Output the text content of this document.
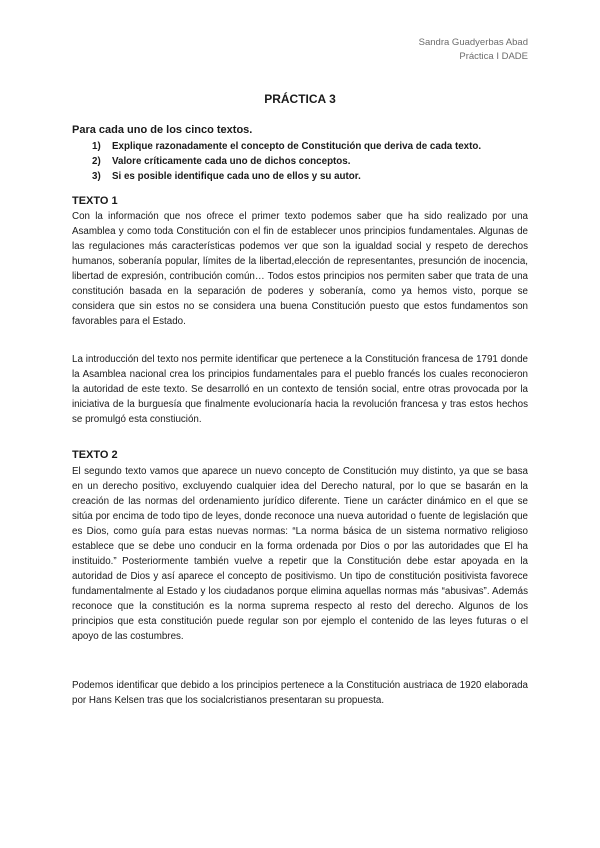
Sandra Guadyerbas Abad
Práctica I DADE
PRÁCTICA 3
Para cada uno de los cinco textos.
1) Explique razonadamente el concepto de Constitución que deriva de cada texto.
2) Valore críticamente cada uno de dichos conceptos.
3) Si es posible identifique cada uno de ellos y su autor.
TEXTO 1

Con la información que nos ofrece el primer texto podemos saber que ha sido realizado por una Asamblea y como toda Constitución con el fin de establecer unos principios fundamentales. Algunas de las regulaciones más características podemos ver que son la igualdad social y respeto de derechos humanos, soberanía popular, límites de la libertad,elección de representantes, presunción de inocencia, libertad de expresión, contribución común… Todos estos principios nos permiten saber que trata de una constitución basada en la separación de poderes y soberanía, como ya hemos visto, porque se considera que sin estos no se considera una buena Constitución puesto que estos fundamentos son favorables para el Estado.

La introducción del texto nos permite identificar que pertenece a la Constitución francesa de 1791 donde la Asamblea nacional crea los principios fundamentales para el pueblo francés los cuales reconocieron la autoridad de este texto. Se desarrolló en un contexto de tensión social, entre otras provocada por la iniciativa de la burguesía que finalmente evolucionaría hacia la revolución francesa y tras estos hechos se promulgó esta constiución.

TEXTO 2

El segundo texto vamos que aparece un nuevo concepto de Constitución muy distinto, ya que se basa en un derecho positivo, excluyendo cualquier idea del Derecho natural, por lo que se basarán en la creación de las normas del ordenamiento jurídico diferente. Tiene un carácter dinámico en el que se sitúa por encima de todo tipo de leyes, donde reconoce una nueva autoridad o fuente de legislación que es Dios, como guía para estas nuevas normas: “La norma básica de un sistema normativo religioso establece que se debe uno conducir en la forma ordenada por Dios o por las autoridades que El ha instituido.” Posteriormente también vuelve a repetir que la Constitución debe estar apoyada en la autoridad de Dios y así aparece el concepto de positivismo. Un tipo de constitución positivista favorece fundamentalmente al Estado y los ciudadanos porque elimina aquellas normas más “abusivas”. Además reconoce que la constitución es la norma suprema respecto al resto del derecho. Algunos de los principios que esta constitución puede regular son por ejemplo el contenido de las leyes futuras o el apoyo de las costumbres.

Podemos identificar que debido a los principios pertenece a la Constitución austriaca de 1920 elaborada por Hans Kelsen tras que los socialcristianos presentaran su propuesta.
